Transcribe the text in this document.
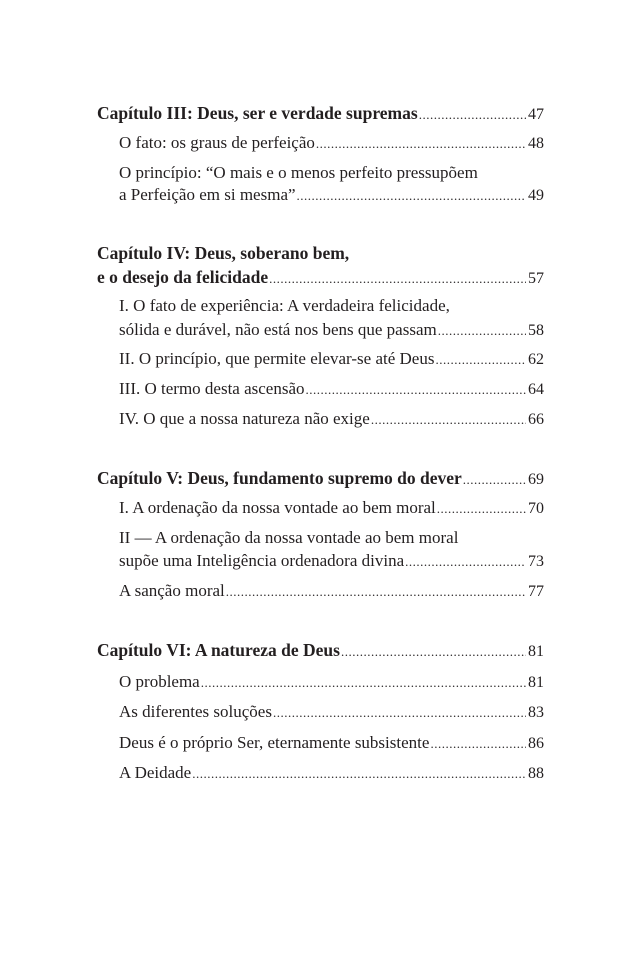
Capítulo III: Deus, ser e verdade supremas .....	47
O fato: os graus de perfeição .....	48
O princípio: “O mais e o menos perfeito pressupõem
a Perfeição em si mesma” .....	49
Capítulo IV: Deus, soberano bem,
e o desejo da felicidade .....	57
I. O fato de experiência: A verdadeira felicidade,
sólida e durável, não está nos bens que passam .....	58
II. O princípio, que permite elevar-se até Deus .....	62
III. O termo desta ascensão .....	64
IV. O que a nossa natureza não exige .....	66
Capítulo V: Deus, fundamento supremo do dever .....	69
I. A ordenação da nossa vontade ao bem moral .....	70
II — A ordenação da nossa vontade ao bem moral
supõe uma Inteligência ordenadora divina .....	73
A sanção moral .....	77
Capítulo VI: A natureza de Deus .....	81
O problema .....	81
As diferentes soluções .....	83
Deus é o próprio Ser, eternamente subsistente .....	86
A Deidade .....	88
